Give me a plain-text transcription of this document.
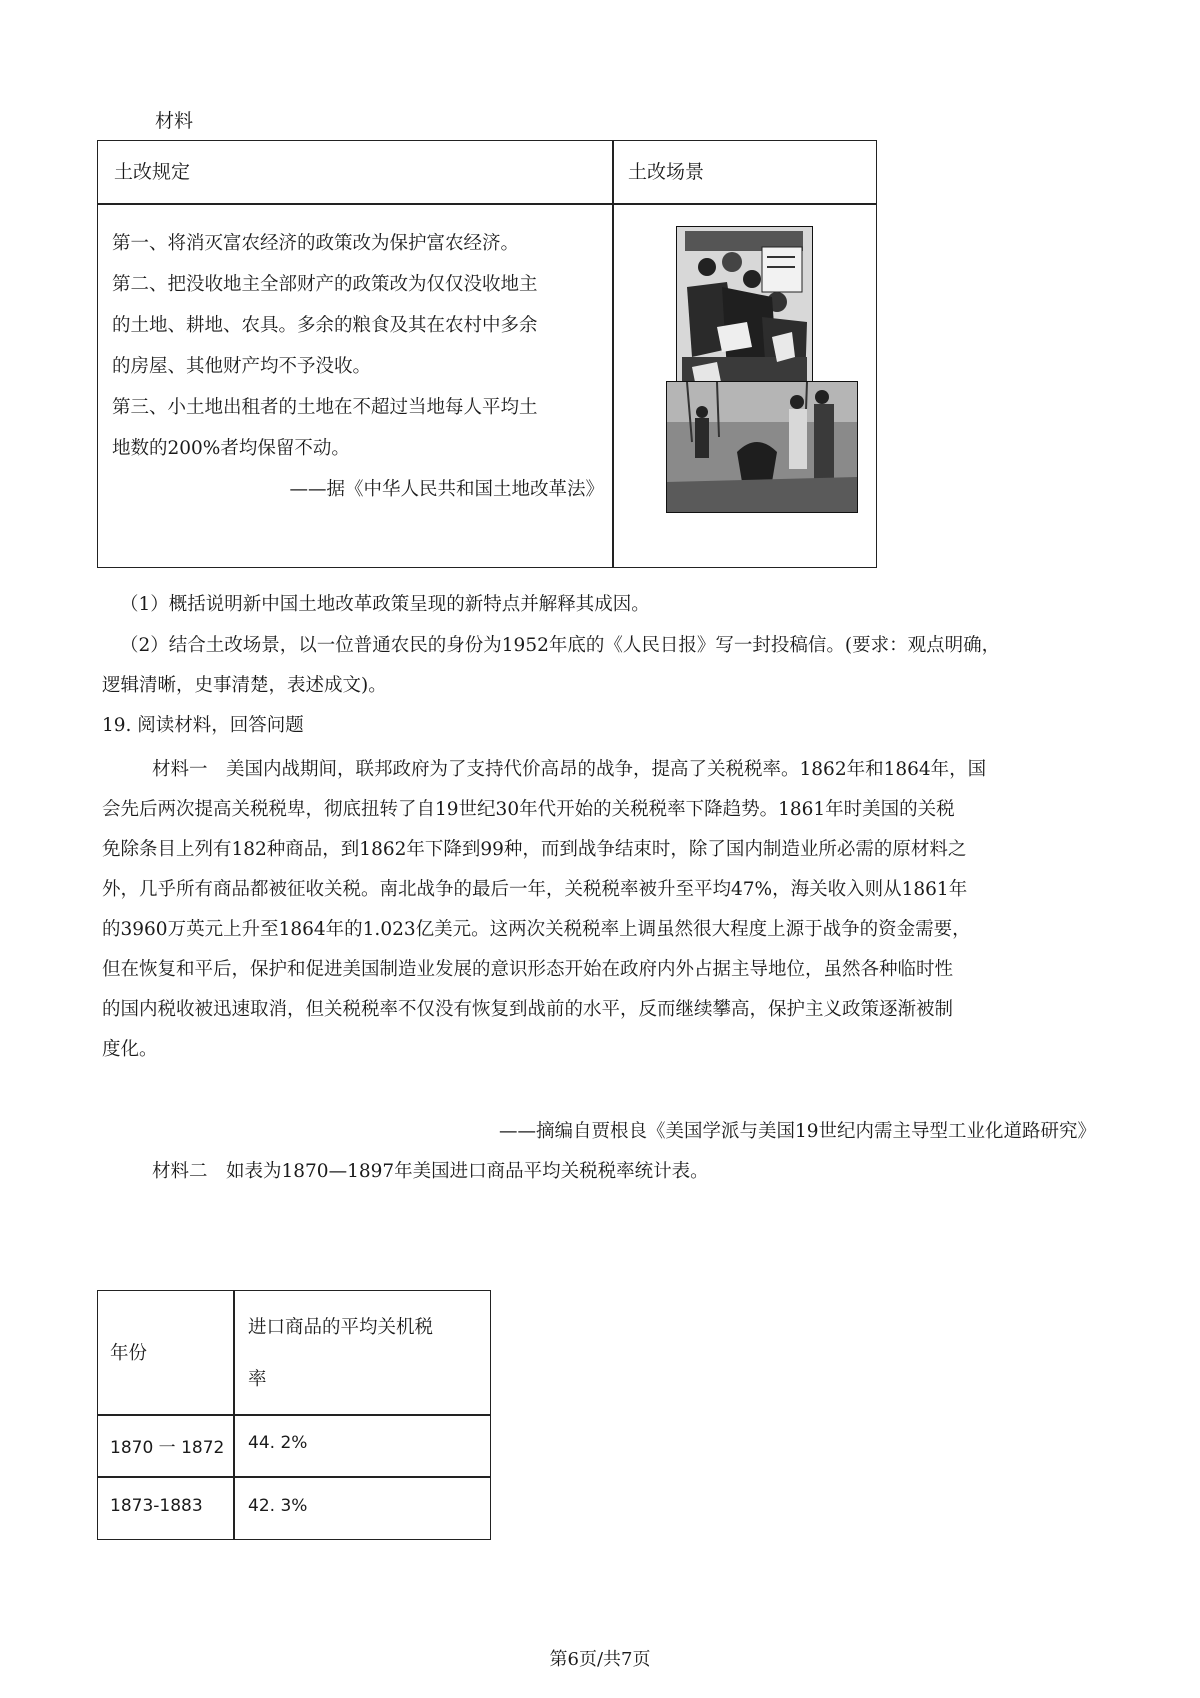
材料
土改规定	土改场景
第一、将消灭富农经济的政策改为保护富农经济。
第二、把没收地主全部财产的政策改为仅仅没收地主
的土地、耕地、农具。多余的粮食及其在农村中多余
的房屋、其他财产均不予没收。
第三、小土地出租者的土地在不超过当地每人平均土
地数的200%者均保留不动。
——据《中华人民共和国土地改革法》
（1）概括说明新中国土地改革政策呈现的新特点并解释其成因。
（2）结合土改场景，以一位普通农民的身份为1952年底的《人民日报》写一封投稿信。(要求：观点明确，
逻辑清晰，史事清楚，表述成文)。
19. 阅读材料，回答问题
材料一　美国内战期间，联邦政府为了支持代价高昂的战争，提高了关税税率。1862年和1864年，国
会先后两次提高关税税卑，彻底扭转了自19世纪30年代开始的关税税率下降趋势。1861年时美国的关税
免除条目上列有182种商品，到1862年下降到99种，而到战争结束时，除了国内制造业所必需的原材料之
外，几乎所有商品都被征收关税。南北战争的最后一年，关税税率被升至平均47%，海关收入则从1861年
的3960万英元上升至1864年的1.023亿美元。这两次关税税率上调虽然很大程度上源于战争的资金需要，
但在恢复和平后，保护和促进美国制造业发展的意识形态开始在政府内外占据主导地位，虽然各种临时性
的国内税收被迅速取消，但关税税率不仅没有恢复到战前的水平，反而继续攀高，保护主义政策逐渐被制
度化。
——摘编自贾根良《美国学派与美国19世纪内需主导型工业化道路研究》
材料二　如表为1870—1897年美国进口商品平均关税税率统计表。
年份
进口商品的平均关机税
率
1870 一 1872 44. 2%
1873-1883	42. 3%
第6页/共7页
